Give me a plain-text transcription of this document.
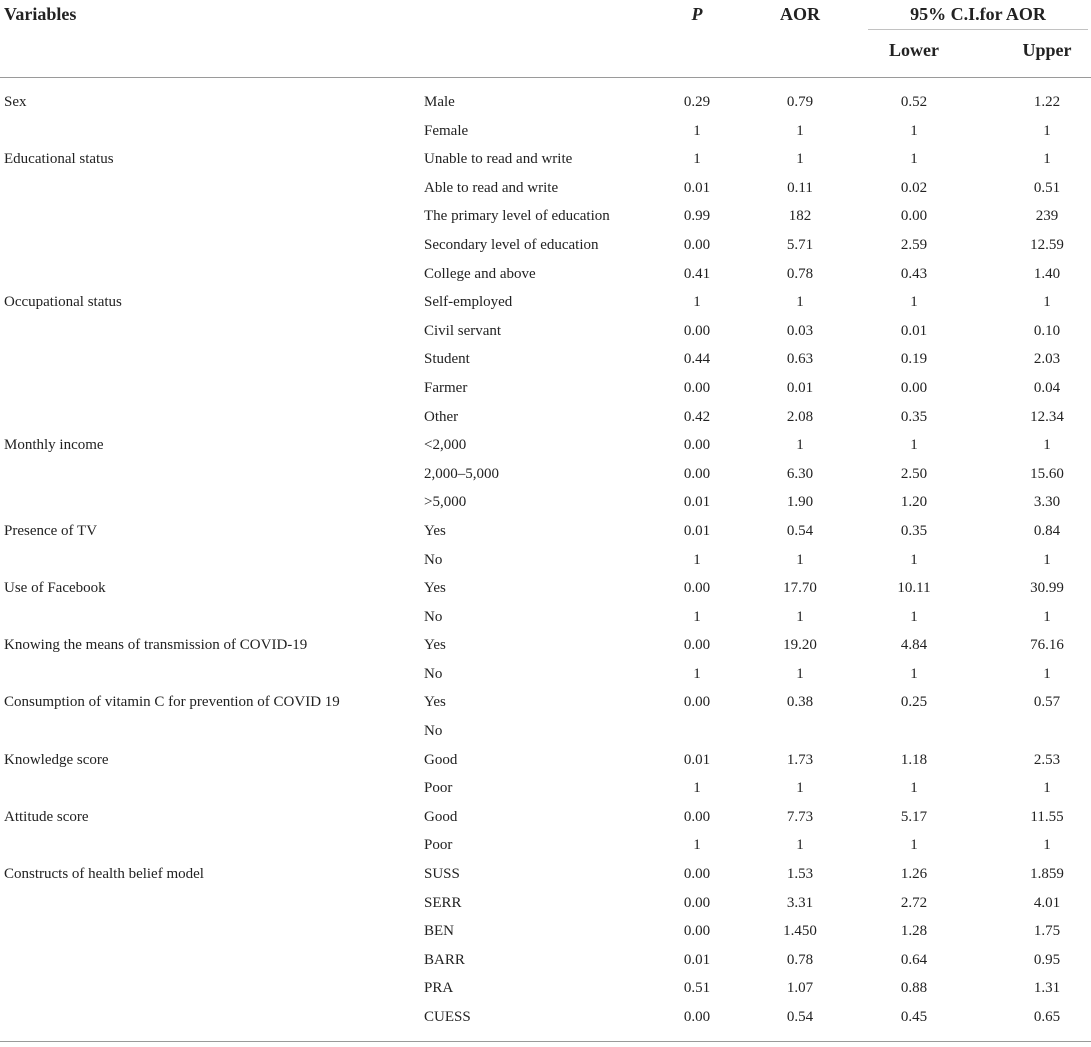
Variables	P	AOR	95% C.I.for AOR
Lower	Upper
Sex	Male	0.29	0.79	0.52	1.22
Female	1	1	1	1
Educational status	Unable to read and write	1	1	1	1
Able to read and write	0.01	0.11	0.02	0.51
The primary level of education	0.99	182	0.00	239
Secondary level of education	0.00	5.71	2.59	12.59
College and above	0.41	0.78	0.43	1.40
Occupational status	Self-employed	1	1	1	1
Civil servant	0.00	0.03	0.01	0.10
Student	0.44	0.63	0.19	2.03
Farmer	0.00	0.01	0.00	0.04
Other	0.42	2.08	0.35	12.34
Monthly income	<2,000	0.00	1	1	1
2,000–5,000	0.00	6.30	2.50	15.60
>5,000	0.01	1.90	1.20	3.30
Presence of TV	Yes	0.01	0.54	0.35	0.84
No	1	1	1	1
Use of Facebook	Yes	0.00	17.70	10.11	30.99
No	1	1	1	1
Knowing the means of transmission of COVID-19	Yes	0.00	19.20	4.84	76.16
No	1	1	1	1
Consumption of vitamin C for prevention of COVID 19	Yes	0.00	0.38	0.25	0.57
No
Knowledge score	Good	0.01	1.73	1.18	2.53
Poor	1	1	1	1
Attitude score	Good	0.00	7.73	5.17	11.55
Poor	1	1	1	1
Constructs of health belief model	SUSS	0.00	1.53	1.26	1.859
SERR	0.00	3.31	2.72	4.01
BEN	0.00	1.450	1.28	1.75
BARR	0.01	0.78	0.64	0.95
PRA	0.51	1.07	0.88	1.31
CUESS	0.00	0.54	0.45	0.65
